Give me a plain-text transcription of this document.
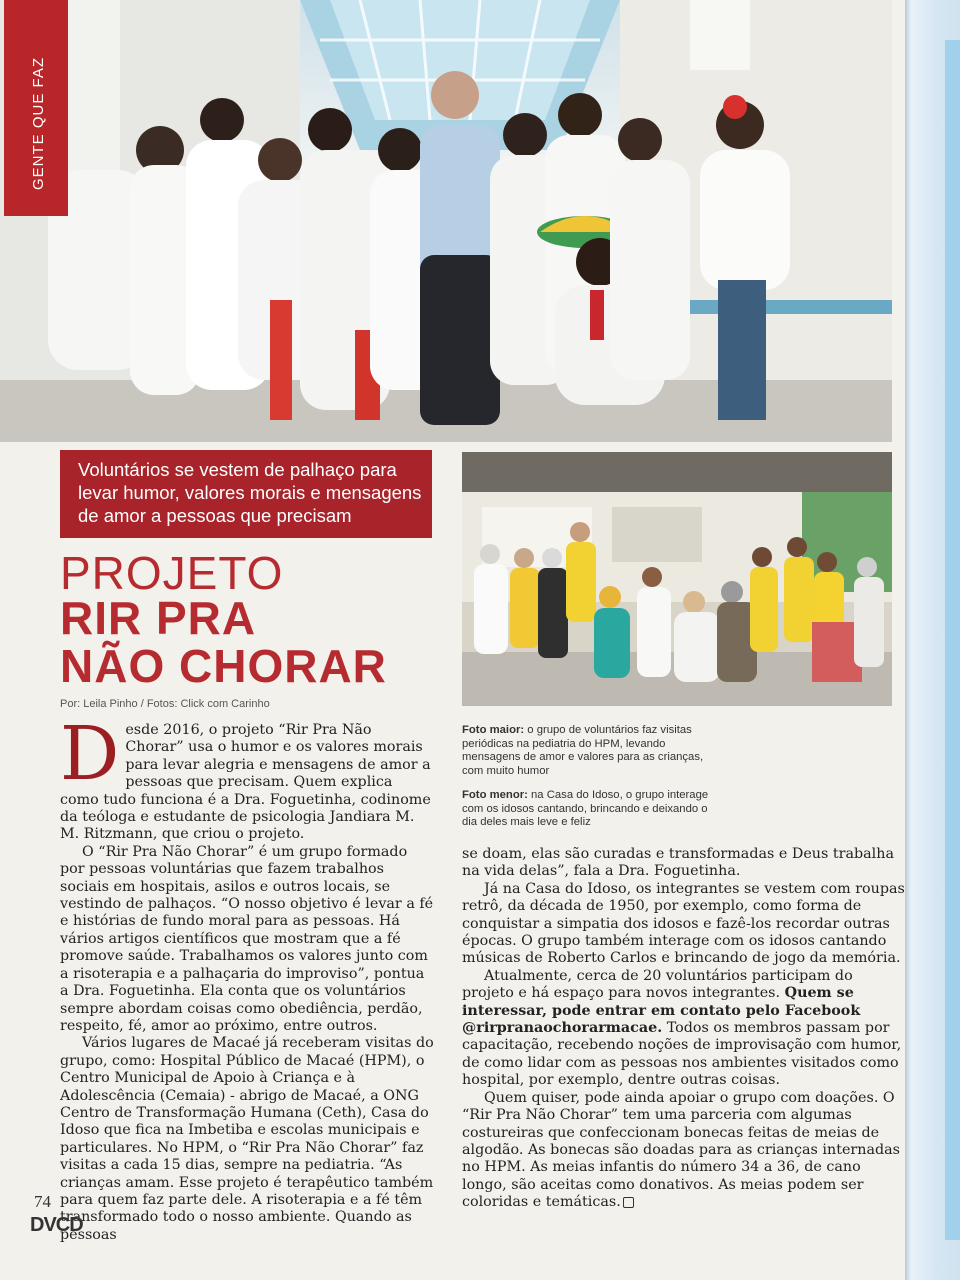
GENTE QUE FAZ

Voluntários se vestem de palhaço para levar humor, valores morais e mensagens de amor a pessoas que precisam

PROJETO
RIR PRA
NÃO CHORAR
Por: Leila Pinho / Fotos: Click com Carinho

Desde 2016, o projeto “Rir Pra Não Chorar” usa o humor e os valores morais para levar alegria e mensagens de amor a pessoas que precisam. Quem explica como tudo funciona é a Dra. Foguetinha, codinome da teóloga e estudante de psicologia Jandiara M. M. Ritzmann, que criou o projeto.

O “Rir Pra Não Chorar” é um grupo formado por pessoas voluntárias que fazem trabalhos sociais em hospitais, asilos e outros locais, se vestindo de palhaços. “O nosso objetivo é levar a fé e histórias de fundo moral para as pessoas. Há vários artigos científicos que mostram que a fé promove saúde. Trabalhamos os valores junto com a risoterapia e a palhaçaria do improviso”, pontua a Dra. Foguetinha. Ela conta que os voluntários sempre abordam coisas como obediência, perdão, respeito, fé, amor ao próximo, entre outros.

Vários lugares de Macaé já receberam visitas do grupo, como: Hospital Público de Macaé (HPM), o Centro Municipal de Apoio à Criança e à Adolescência (Cemaia) - abrigo de Macaé, a ONG Centro de Transformação Humana (Ceth), Casa do Idoso que fica na Imbetiba e escolas municipais e particulares. No HPM, o “Rir Pra Não Chorar” faz visitas a cada 15 dias, sempre na pediatria. “As crianças amam. Esse projeto é terapêutico também para quem faz parte dele. A risoterapia e a fé têm transformado todo o nosso ambiente. Quando as pessoas

Foto maior: o grupo de voluntários faz visitas periódicas na pediatria do HPM, levando mensagens de amor e valores para as crianças, com muito humor
Foto menor: na Casa do Idoso, o grupo interage com os idosos cantando, brincando e deixando o dia deles mais leve e feliz

se doam, elas são curadas e transformadas e Deus trabalha na vida delas”, fala a Dra. Foguetinha.

Já na Casa do Idoso, os integrantes se vestem com roupas retrô, da década de 1950, por exemplo, como forma de conquistar a simpatia dos idosos e fazê-los recordar outras épocas. O grupo também interage com os idosos cantando músicas de Roberto Carlos e brincando de jogo da memória.

Atualmente, cerca de 20 voluntários participam do projeto e há espaço para novos integrantes. Quem se interessar, pode entrar em contato pelo Facebook @rirpranaochorarmacae. Todos os membros passam por capacitação, recebendo noções de improvisação com humor, de como lidar com as pessoas nos ambientes visitados como hospital, por exemplo, dentre outras coisas.

Quem quiser, pode ainda apoiar o grupo com doações. O “Rir Pra Não Chorar” tem uma parceria com algumas costureiras que confeccionam bonecas feitas de meias de algodão. As bonecas são doadas para as crianças internadas no HPM. As meias infantis do número 34 a 36, de cano longo, são aceitas como donativos. As meias podem ser coloridas e temáticas.

74
DVCD
